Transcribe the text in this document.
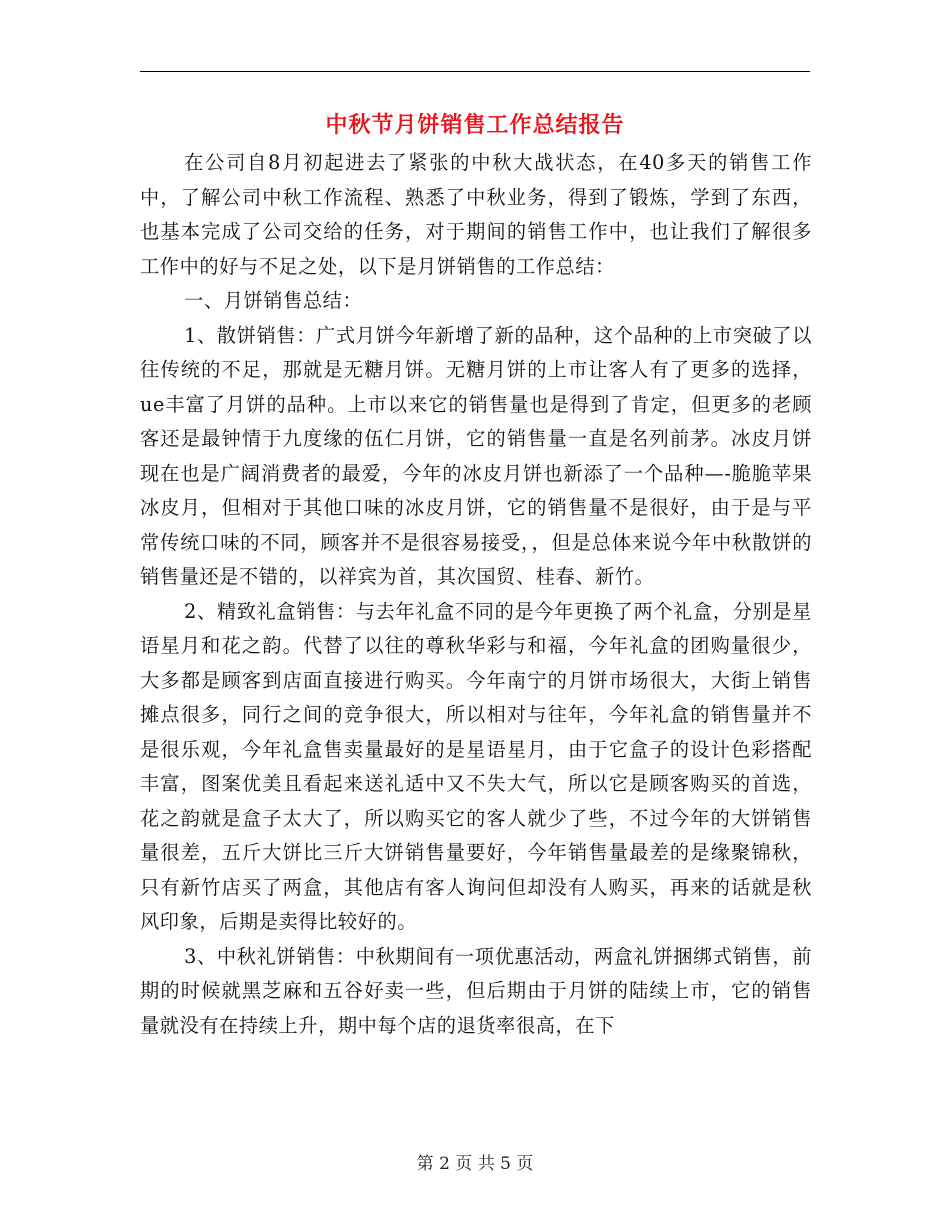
中秋节月饼销售工作总结报告

在公司自8月初起进去了紧张的中秋大战状态，在40多天的销售工作中，了解公司中秋工作流程、熟悉了中秋业务，得到了锻炼，学到了东西，也基本完成了公司交给的任务，对于期间的销售工作中，也让我们了解很多工作中的好与不足之处，以下是月饼销售的工作总结：

一、月饼销售总结：

1、散饼销售：广式月饼今年新增了新的品种，这个品种的上市突破了以往传统的不足，那就是无糖月饼。无糖月饼的上市让客人有了更多的选择，ue丰富了月饼的品种。上市以来它的销售量也是得到了肯定，但更多的老顾客还是最钟情于九度缘的伍仁月饼，它的销售量一直是名列前茅。冰皮月饼现在也是广阔消费者的最爱，今年的冰皮月饼也新添了一个品种—-脆脆苹果冰皮月，但相对于其他口味的冰皮月饼，它的销售量不是很好，由于是与平常传统口味的不同，顾客并不是很容易接受，，但是总体来说今年中秋散饼的销售量还是不错的，以祥宾为首，其次国贸、桂春、新竹。

2、精致礼盒销售：与去年礼盒不同的是今年更换了两个礼盒，分别是星语星月和花之韵。代替了以往的尊秋华彩与和福，今年礼盒的团购量很少，大多都是顾客到店面直接进行购买。今年南宁的月饼市场很大，大街上销售摊点很多，同行之间的竞争很大，所以相对与往年，今年礼盒的销售量并不是很乐观，今年礼盒售卖量最好的是星语星月，由于它盒子的设计色彩搭配丰富，图案优美且看起来送礼适中又不失大气，所以它是顾客购买的首选，花之韵就是盒子太大了，所以购买它的客人就少了些，不过今年的大饼销售量很差，五斤大饼比三斤大饼销售量要好，今年销售量最差的是缘聚锦秋，只有新竹店买了两盒，其他店有客人询问但却没有人购买，再来的话就是秋风印象，后期是卖得比较好的。

3、中秋礼饼销售：中秋期间有一项优惠活动，两盒礼饼捆绑式销售，前期的时候就黑芝麻和五谷好卖一些，但后期由于月饼的陆续上市，它的销售量就没有在持续上升，期中每个店的退货率很高，在下

第 2 页 共 5 页
